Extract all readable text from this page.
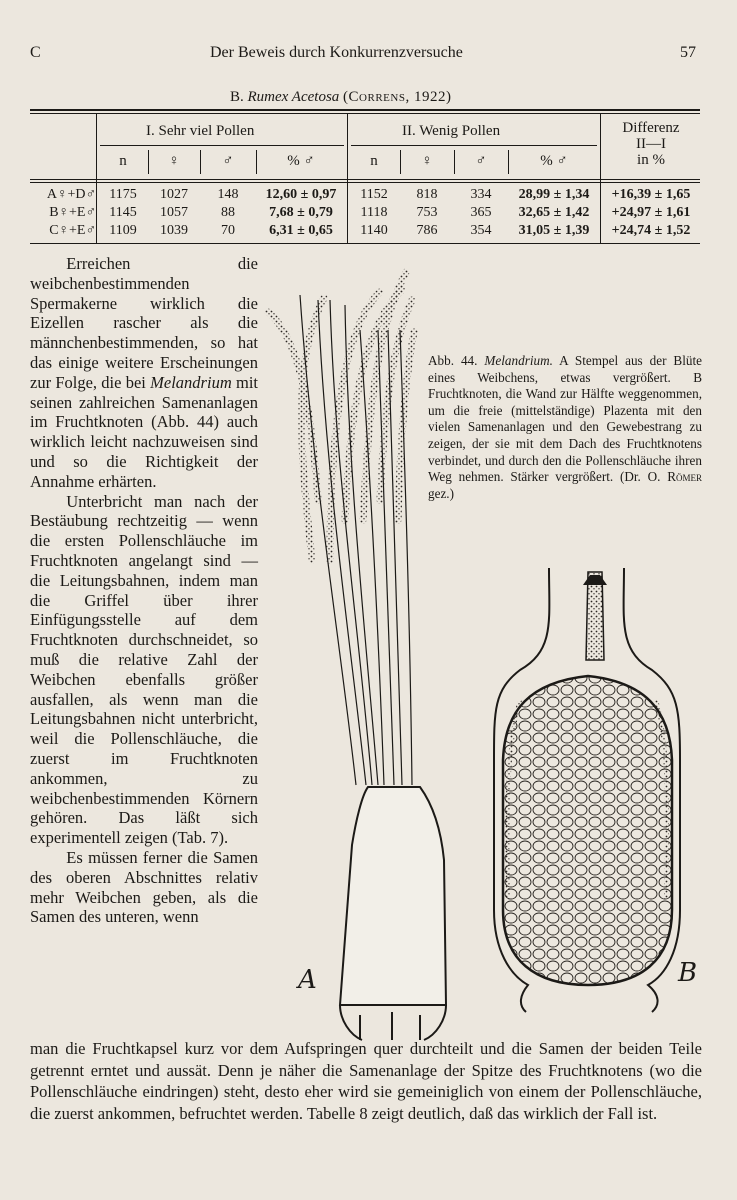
C	Der Beweis durch Konkurrenzversuche	57
B. Rumex Acetosa (Correns, 1922)
I. Sehr viel Pollen	II. Wenig Pollen	Differenz
II—I
in %
n	♀	♂	% ♂	n	♀	♂	% ♂
A♀+D♂ 1175	1027	148	12,60 ± 0,97	1152	818	334	28,99 ± 1,34	+16,39 ± 1,65
B♀+E♂ 1145	1057	88	7,68 ± 0,79	1118	753	365	32,65 ± 1,42	+24,97 ± 1,61
C♀+E♂ 1109	1039	70	6,31 ± 0,65	1140	786	354	31,05 ± 1,39	+24,74 ± 1,52

Erreichen die weibchenbestimmenden Spermakerne wirklich die Eizellen rascher als die männchenbestimmenden, so hat das einige weitere Erscheinungen zur Folge, die bei Melandrium mit seinen zahlreichen Samenanlagen im Fruchtknoten (Abb. 44) auch wirklich leicht nachzuweisen sind und so die Richtigkeit der Annahme erhärten.

Unterbricht man nach der Bestäubung rechtzeitig — wenn die ersten Pollenschläuche im Fruchtknoten angelangt sind — die Leitungsbahnen, indem man die Griffel über ihrer Einfügungsstelle auf dem Fruchtknoten durchschneidet, so muß die relative Zahl der Weibchen ebenfalls größer ausfallen, als wenn man die Leitungsbahnen nicht unterbricht, weil die Pollenschläuche, die zuerst im Fruchtknoten ankommen, zu weibchenbestimmenden Körnern gehören. Das läßt sich experimentell zeigen (Tab. 7).

Es müssen ferner die Samen des oberen Abschnittes relativ mehr Weibchen geben, als die Samen des unteren, wenn

man die Fruchtkapsel kurz vor dem Aufspringen quer durchteilt und die Samen der beiden Teile getrennt erntet und aussät. Denn je näher die Samenanlage der Spitze des Fruchtknotens (wo die Pollenschläuche eindringen) steht, desto eher wird sie gemeiniglich von einem der Pollenschläuche, die zuerst ankommen, befruchtet werden. Tabelle 8 zeigt deutlich, daß das wirklich der Fall ist.
Abb. 44. Melandrium. A Stempel aus der Blüte eines Weibchens, etwas vergrößert. B Fruchtknoten, die Wand zur Hälfte weggenommen, um die freie (mittelständige) Plazenta mit den vielen Samenanlagen und den Gewebestrang zu zeigen, der sie mit dem Dach des Fruchtknotens verbindet, und durch den die Pollenschläuche ihren Weg nehmen. Stärker vergrößert. (Dr. O. Römer gez.)
A	B
